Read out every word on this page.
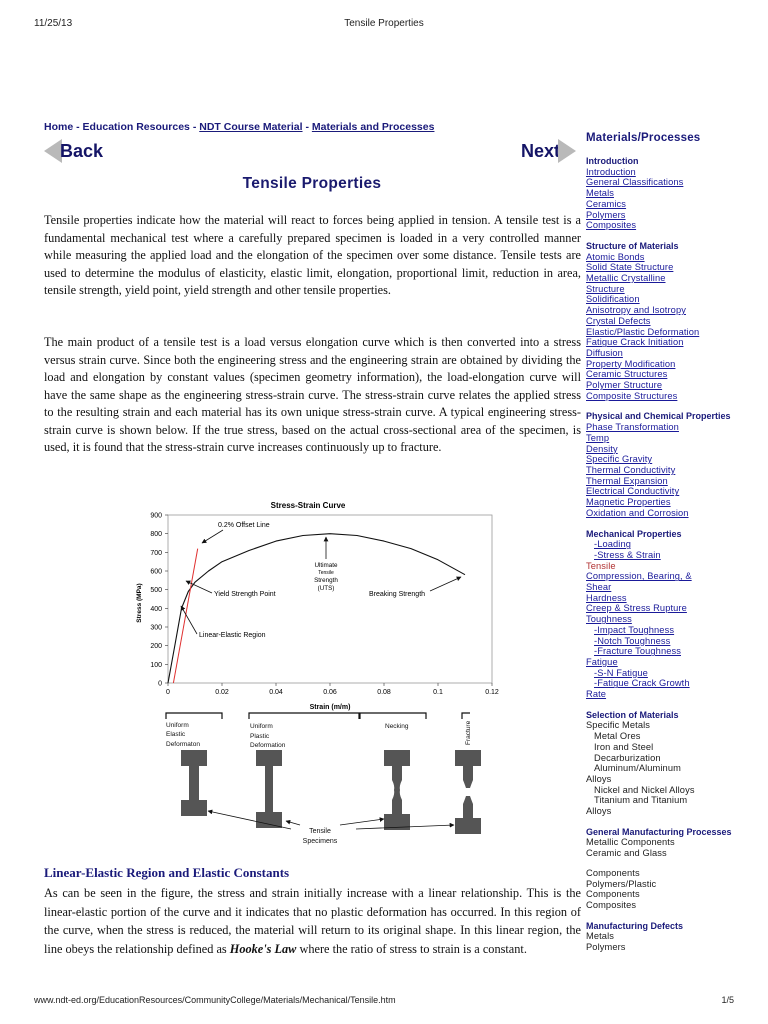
11/25/13	Tensile Properties
Home - Education Resources - NDT Course Material - Materials and Processes
Back	Next
Tensile Properties

Tensile properties indicate how the material will react to forces being applied in tension. A tensile test is a fundamental mechanical test where a carefully prepared specimen is loaded in a very controlled manner while measuring the applied load and the elongation of the specimen over some distance. Tensile tests are used to determine the modulus of elasticity, elastic limit, elongation, proportional limit, reduction in area, tensile strength, yield point, yield strength and other tensile properties.

The main product of a tensile test is a load versus elongation curve which is then converted into a stress versus strain curve. Since both the engineering stress and the engineering strain are obtained by dividing the load and elongation by constant values (specimen geometry information), the load-elongation curve will have the same shape as the engineering stress-strain curve. The stress-strain curve relates the applied stress to the resulting strain and each material has its own unique stress-strain curve. A typical engineering stress-strain curve is shown below. If the true stress, based on the actual cross-sectional area of the specimen, is used, it is found that the stress-strain curve increases continuously up to fracture.

Stress-Strain Curve
0
100
200
300
400
500
600
700
800
900
0	0.02	0.04	0.06	0.08	0.1	0.12
Strain (m/m)
Stress (MPa)
0.2% Offset Line
Ultimate
Tensile
Strength
(UTS)
Breaking Strength
Yield Strength Point
Linear-Elastic Region
Uniform
Elastic
Deformaton
Uniform
Plastic
Deformation
Necking	Fracture
Tensile
Specimens
Linear-Elastic Region and Elastic Constants

As can be seen in the figure, the stress and strain initially increase with a linear relationship. This is the linear-elastic portion of the curve and it indicates that no plastic deformation has occurred. In this region of the curve, when the stress is reduced, the material will return to its original shape. In this linear region, the line obeys the relationship defined as Hooke's Law where the ratio of stress to strain is a constant.

Materials/Processes
Introduction
Introduction
General Classifications
Metals
Ceramics
Polymers
Composites
Structure of Materials
Atomic Bonds
Solid State Structure
Metallic Crystalline
Structure
Solidification
Anisotropy and Isotropy
Crystal Defects
Elastic/Plastic Deformation
Fatigue Crack Initiation
Diffusion
Property Modification
Ceramic Structures
Polymer Structure
Composite Structures
Physical and Chemical Properties
Phase Transformation
Temp
Density
Specific Gravity
Thermal Conductivity
Thermal Expansion
Electrical Conductivity
Magnetic Properties
Oxidation and Corrosion
Mechanical Properties
-Loading
-Stress & Strain
Tensile
Compression, Bearing, &
Shear
Hardness
Creep & Stress Rupture
Toughness
-Impact Toughness
-Notch Toughness
-Fracture Toughness
Fatigue
-S-N Fatigue
-Fatigue Crack Growth
Rate
Selection of Materials
Specific Metals
Metal Ores
Iron and Steel
Decarburization
Aluminum/Aluminum
Alloys
Nickel and Nickel Alloys
Titanium and Titanium
Alloys
General Manufacturing Processes
Metallic Components
Ceramic and Glass
Components
Polymers/Plastic
Components
Composites
Manufacturing Defects
Metals
Polymers
www.ndt-ed.org/EducationResources/CommunityCollege/Materials/Mechanical/Tensile.htm	1/5
